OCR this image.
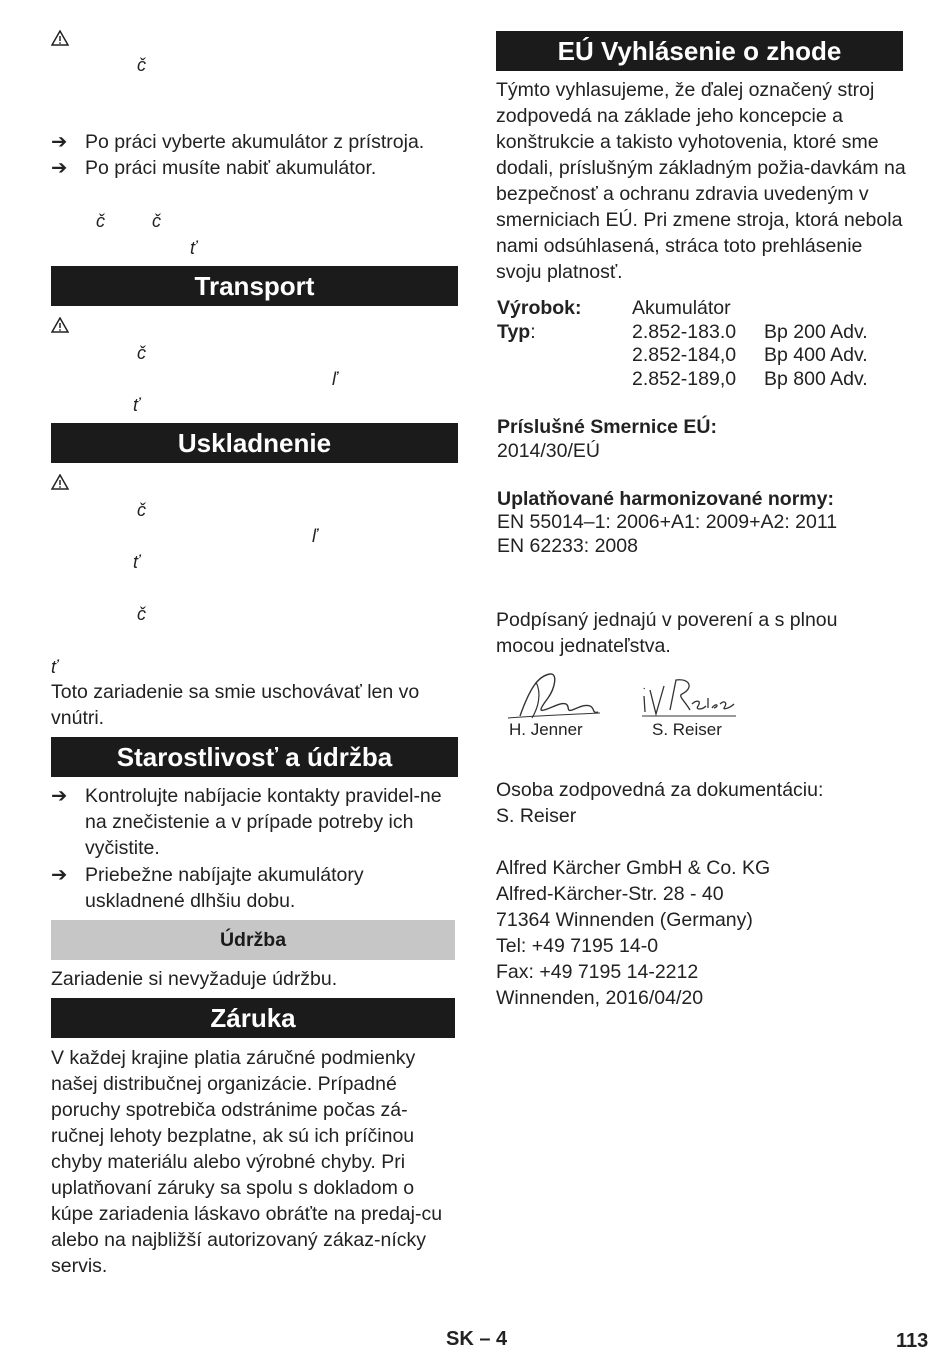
č
➔ Po práci vyberte akumulátor z prístroja.
➔ Po práci musíte nabiť akumulátor.
č	č
ť
Transport
č
ľ
ť
Uskladnenie
č
ľ
ť
č
ť
Toto zariadenie sa smie uschovávať len vo vnútri.
Starostlivosť a údržba
➔ Kontrolujte nabíjacie kontakty pravidel-ne na znečistenie a v prípade potreby ich vyčistite.
➔ Priebežne nabíjajte akumulátory uskladnené dlhšiu dobu.
Údržba
Zariadenie si nevyžaduje údržbu.
Záruka
V každej krajine platia záručné podmienky našej distribučnej organizácie. Prípadné poruchy spotrebiča odstránime počas zá-ručnej lehoty bezplatne, ak sú ich príčinou chyby materiálu alebo výrobné chyby. Pri uplatňovaní záruky sa spolu s dokladom o kúpe zariadenia láskavo obráťte na predaj-cu alebo na najbližší autorizovaný zákaz-nícky servis.
EÚ Vyhlásenie o zhode
Týmto vyhlasujeme, že ďalej označený stroj zodpovedá na základe jeho koncepcie a konštrukcie a takisto vyhotovenia, ktoré sme dodali, príslušným základným požia-davkám na bezpečnosť a ochranu zdravia uvedeným v smerniciach EÚ. Pri zmene stroja, ktorá nebola nami odsúhlasená, stráca toto prehlásenie svoju platnosť.
Výrobok:	Akumulátor
Typ:	2.852-183.0 Bp 200 Adv.
2.852-184,0 Bp 400 Adv.
2.852-189,0 Bp 800 Adv.
Príslušné Smernice EÚ:
2014/30/EÚ
Uplatňované harmonizované normy:
EN 55014–1: 2006+A1: 2009+A2: 2011
EN 62233: 2008
Podpísaný jednajú v poverení a s plnou mocou jednateľstva.
H. Jenner	S. Reiser
Osoba zodpovedná za dokumentáciu:
S. Reiser
Alfred Kärcher GmbH & Co. KG
Alfred-Kärcher-Str. 28 - 40
71364 Winnenden (Germany)
Tel: +49 7195 14-0
Fax: +49 7195 14-2212
Winnenden, 2016/04/20
SK – 4	113
